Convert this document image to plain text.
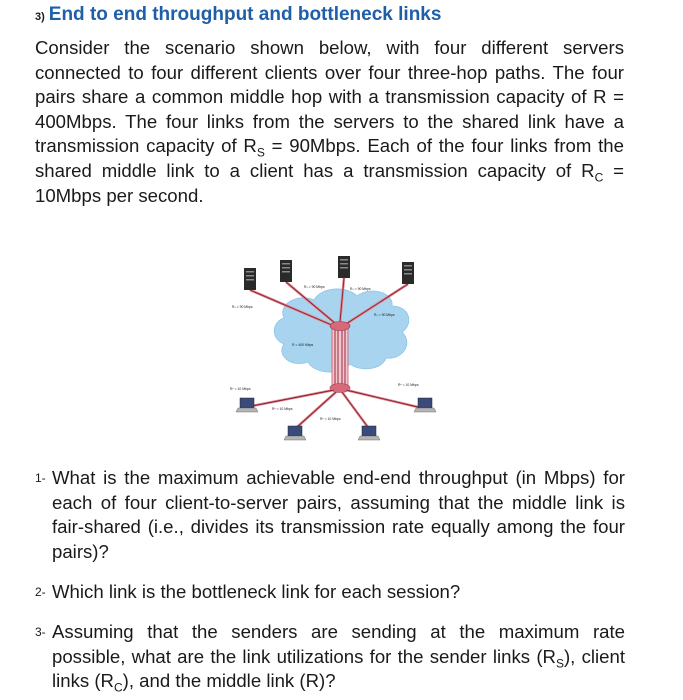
3) End to end throughput and bottleneck links
Consider the scenario shown below, with four different servers connected to four different clients over four three-hop paths. The four pairs share a common middle hop with a transmission capacity of R = 400Mbps. The four links from the servers to the shared link have a transmission capacity of $R_S$ = 90Mbps. Each of the four links from the shared middle link to a client has a transmission capacity of $R_C$ = 10Mbps per second.
Rₛ = 90 Mbps
Rₛ = 90 Mbps	Rₛ = 90 Mbps
Rₛ = 90 Mbps
R = 400 Mbps
Rᶜ = 10 Mbps
Rᶜ = 10 Mbps
Rᶜ = 10 Mbps
Rᶜ = 10 Mbps
1- What is the maximum achievable end-end throughput (in Mbps) for each of four client-to-server pairs, assuming that the middle link is fair-shared (i.e., divides its transmission rate equally among the four pairs)?
2- Which link is the bottleneck link for each session?
3- Assuming that the senders are sending at the maximum rate possible, what are the link utilizations for the sender links $(R_S)$, client links $(R_C)$, and the middle link (R)?
